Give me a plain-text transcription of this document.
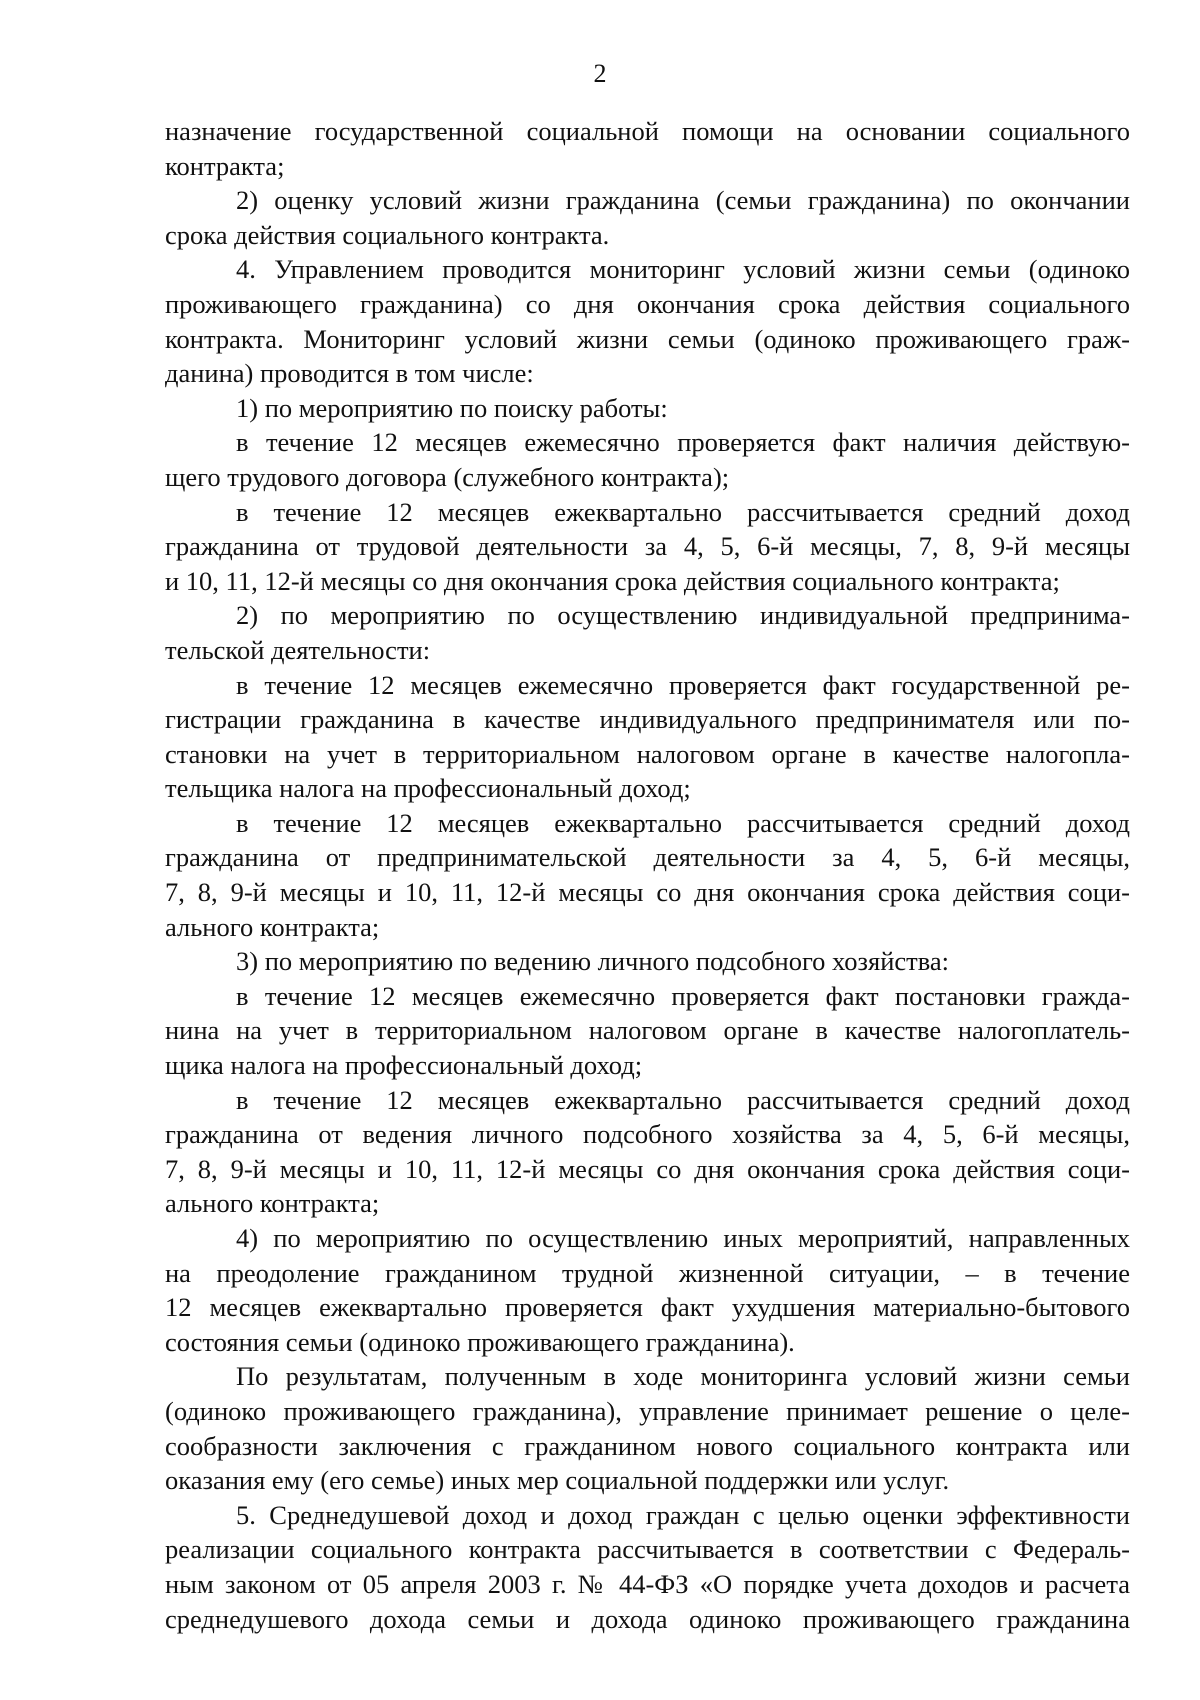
2
назначение государственной социальной помощи на основании социального
контракта;
2) оценку условий жизни гражданина (семьи гражданина) по окончании
срока действия социального контракта.
4. Управлением проводится мониторинг условий жизни семьи (одиноко
проживающего гражданина) со дня окончания срока действия социального
контракта. Мониторинг условий жизни семьи (одиноко проживающего граж-
данина) проводится в том числе:
1) по мероприятию по поиску работы:
в течение 12 месяцев ежемесячно проверяется факт наличия действую-
щего трудового договора (служебного контракта);
в течение 12 месяцев ежеквартально рассчитывается средний доход
гражданина от трудовой деятельности за 4, 5, 6-й месяцы, 7, 8, 9-й месяцы
и 10, 11, 12-й месяцы со дня окончания срока действия социального контракта;
2) по мероприятию по осуществлению индивидуальной предпринима-
тельской деятельности:
в течение 12 месяцев ежемесячно проверяется факт государственной ре-
гистрации гражданина в качестве индивидуального предпринимателя или по-
становки на учет в территориальном налоговом органе в качестве налогопла-
тельщика налога на профессиональный доход;
в течение 12 месяцев ежеквартально рассчитывается средний доход
гражданина от предпринимательской деятельности за 4, 5, 6-й месяцы,
7, 8, 9-й месяцы и 10, 11, 12-й месяцы со дня окончания срока действия соци-
ального контракта;
3) по мероприятию по ведению личного подсобного хозяйства:
в течение 12 месяцев ежемесячно проверяется факт постановки гражда-
нина на учет в территориальном налоговом органе в качестве налогоплатель-
щика налога на профессиональный доход;
в течение 12 месяцев ежеквартально рассчитывается средний доход
гражданина от ведения личного подсобного хозяйства за 4, 5, 6-й месяцы,
7, 8, 9-й месяцы и 10, 11, 12-й месяцы со дня окончания срока действия соци-
ального контракта;
4) по мероприятию по осуществлению иных мероприятий, направленных
на преодоление гражданином трудной жизненной ситуации, – в течение
12 месяцев ежеквартально проверяется факт ухудшения материально-бытового
состояния семьи (одиноко проживающего гражданина).
По результатам, полученным в ходе мониторинга условий жизни семьи
(одиноко проживающего гражданина), управление принимает решение о целе-
сообразности заключения с гражданином нового социального контракта или
оказания ему (его семье) иных мер социальной поддержки или услуг.
5. Среднедушевой доход и доход граждан с целью оценки эффективности
реализации социального контракта рассчитывается в соответствии с Федераль-
ным законом от 05 апреля 2003 г. № 44-ФЗ «О порядке учета доходов и расчета
среднедушевого дохода семьи и дохода одиноко проживающего гражданина
